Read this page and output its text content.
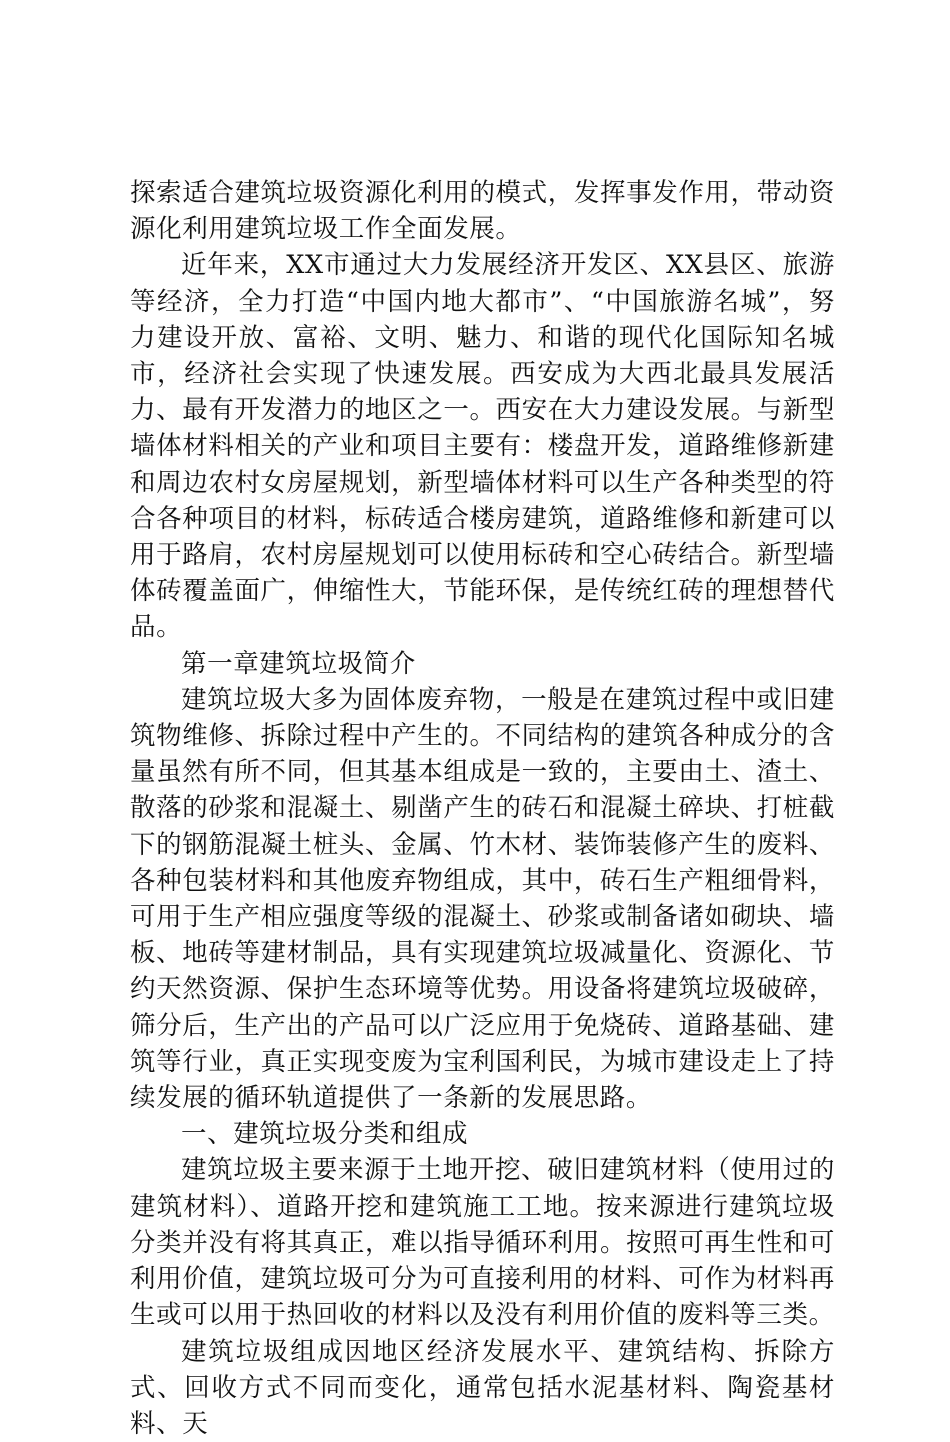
探索适合建筑垃圾资源化利用的模式，发挥事发作用，带动资源化利用建筑垃圾工作全面发展。

近年来，XX市通过大力发展经济开发区、XX县区、旅游等经济，全力打造“中国内地大都市”、“中国旅游名城”，努力建设开放、富裕、文明、魅力、和谐的现代化国际知名城市，经济社会实现了快速发展。西安成为大西北最具发展活力、最有开发潜力的地区之一。西安在大力建设发展。与新型墙体材料相关的产业和项目主要有：楼盘开发，道路维修新建和周边农村女房屋规划，新型墙体材料可以生产各种类型的符合各种项目的材料，标砖适合楼房建筑，道路维修和新建可以用于路肩，农村房屋规划可以使用标砖和空心砖结合。新型墙体砖覆盖面广，伸缩性大，节能环保，是传统红砖的理想替代品。

第一章建筑垃圾简介

建筑垃圾大多为固体废弃物，一般是在建筑过程中或旧建筑物维修、拆除过程中产生的。不同结构的建筑各种成分的含量虽然有所不同，但其基本组成是一致的，主要由土、渣土、散落的砂浆和混凝土、剔凿产生的砖石和混凝土碎块、打桩截下的钢筋混凝土桩头、金属、竹木材、装饰装修产生的废料、各种包装材料和其他废弃物组成，其中，砖石生产粗细骨料，可用于生产相应强度等级的混凝土、砂浆或制备诸如砌块、墙板、地砖等建材制品，具有实现建筑垃圾减量化、资源化、节约天然资源、保护生态环境等优势。用设备将建筑垃圾破碎，筛分后，生产出的产品可以广泛应用于免烧砖、道路基础、建筑等行业，真正实现变废为宝利国利民，为城市建设走上了持续发展的循环轨道提供了一条新的发展思路。

一、建筑垃圾分类和组成

建筑垃圾主要来源于土地开挖、破旧建筑材料（使用过的建筑材料）、道路开挖和建筑施工工地。按来源进行建筑垃圾分类并没有将其真正，难以指导循环利用。按照可再生性和可利用价值，建筑垃圾可分为可直接利用的材料、可作为材料再生或可以用于热回收的材料以及没有利用价值的废料等三类。

建筑垃圾组成因地区经济发展水平、建筑结构、拆除方式、回收方式不同而变化，通常包括水泥基材料、陶瓷基材料、天
